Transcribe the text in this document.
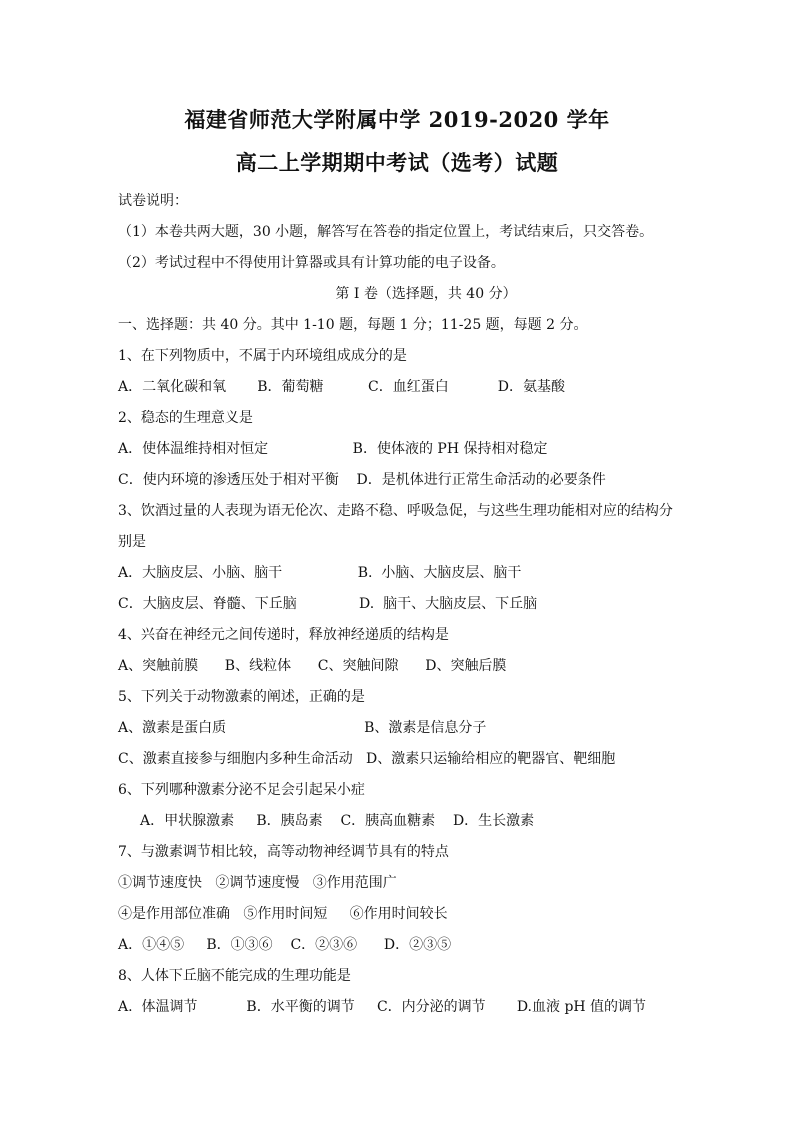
福建省师范大学附属中学 2019-2020 学年
高二上学期期中考试（选考）试题
试卷说明：
（1）本卷共两大题，30 小题，解答写在答卷的指定位置上，考试结束后，只交答卷。
（2）考试过程中不得使用计算器或具有计算功能的电子设备。
第 I 卷（选择题，共 40 分）
一、选择题：共 40 分。其中 1-10 题，每题 1 分；11-25 题，每题 2 分。
1、在下列物质中，不属于内环境组成成分的是
A．二氧化碳和氧       B．葡萄糖          C．血红蛋白           D．氨基酸
2、稳态的生理意义是
A．使体温维持相对恒定                   B．使体液的 PH 保持相对稳定
C．使内环境的渗透压处于相对平衡    D．是机体进行正常生命活动的必要条件
3、饮酒过量的人表现为语无伦次、走路不稳、呼吸急促，与这些生理功能相对应的结构分
别是
A．大脑皮层、小脑、脑干                 B.  小脑、大脑皮层、脑干
C．大脑皮层、脊髓、下丘脑              D.  脑干、大脑皮层、下丘脑
4、兴奋在神经元之间传递时，释放神经递质的结构是
A、突触前膜      B、线粒体      C、突触间隙      D、突触后膜
5、下列关于动物激素的阐述，正确的是
A、激素是蛋白质                               B、激素是信息分子
C、激素直接参与细胞内多种生命活动   D、激素只运输给相应的靶器官、靶细胞
6、下列哪种激素分泌不足会引起呆小症
A．甲状腺激素     B．胰岛素    C．胰高血糖素    D．生长激素
7、与激素调节相比较，高等动物神经调节具有的特点
①调节速度快   ②调节速度慢   ③作用范围广
④是作用部位准确   ⑤作用时间短     ⑥作用时间较长
A．①④⑤     B．①③⑥    C．②③⑥      D．②③⑤
8、人体下丘脑不能完成的生理功能是
A.  体温调节           B．水平衡的调节     C．内分泌的调节       D.血液 pH 值的调节
